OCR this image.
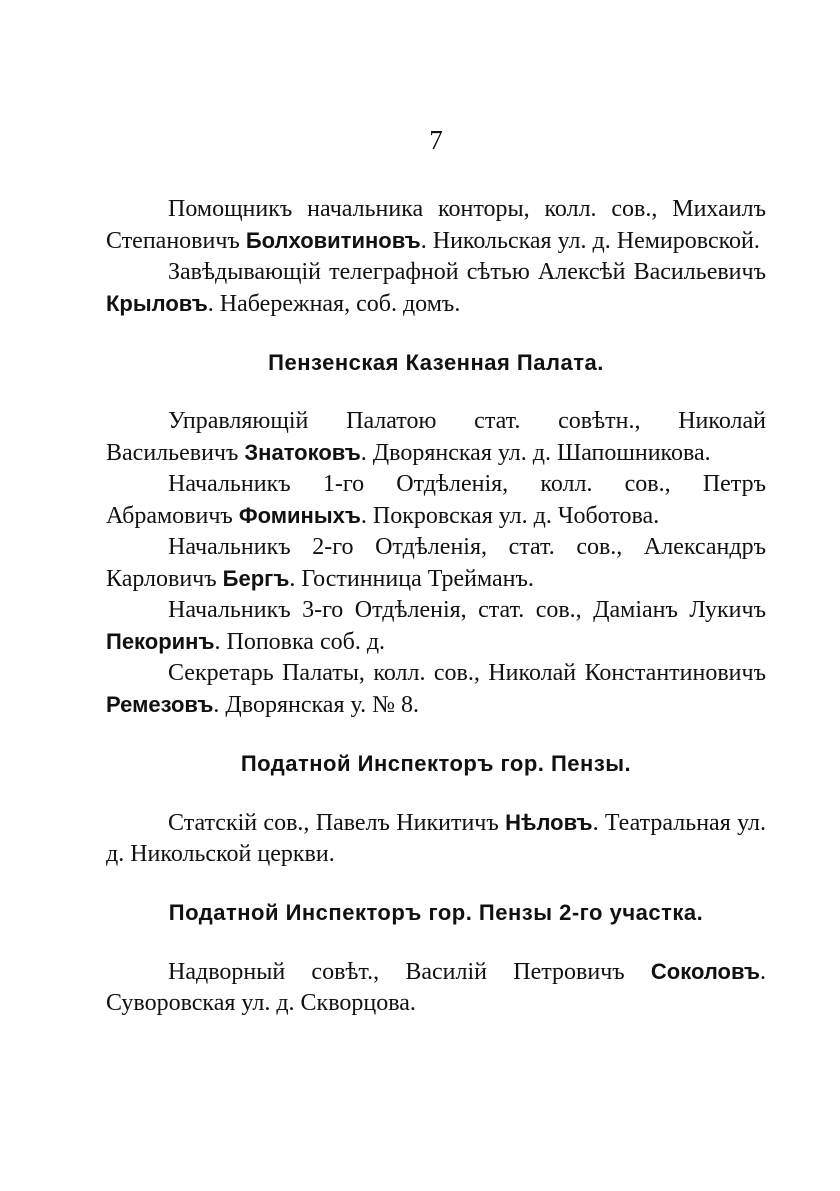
7

Помощникъ начальника конторы, колл. сов., Михаилъ Степановичъ Болховитиновъ. Никольская ул. д. Немировской.

Завѣдывающій телеграфной сѣтью Алексѣй Васильевичъ Крыловъ. Набережная, соб. домъ.

Пензенская Казенная Палата.

Управляющій Палатою стат. совѣтн., Николай Васильевичъ Знатоковъ. Дворянская ул. д. Шапошникова.

Начальникъ 1-го Отдѣленія, колл. сов., Петръ Абрамовичъ Фоминыхъ. Покровская ул. д. Чоботова.

Начальникъ 2-го Отдѣленія, стат. сов., Александръ Карловичъ Бергъ. Гостинница Трейманъ.

Начальникъ 3-го Отдѣленія, стат. сов., Даміанъ Лукичъ Пекоринъ. Поповка соб. д.

Секретарь Палаты, колл. сов., Николай Константиновичъ Ремезовъ. Дворянская у. № 8.

Податной Инспекторъ гор. Пензы.

Статскій сов., Павелъ Никитичъ Нѣловъ. Театральная ул. д. Никольской церкви.

Податной Инспекторъ гор. Пензы 2-го участка.

Надворный совѣт., Василій Петровичъ Соколовъ. Суворовская ул. д. Скворцова.
